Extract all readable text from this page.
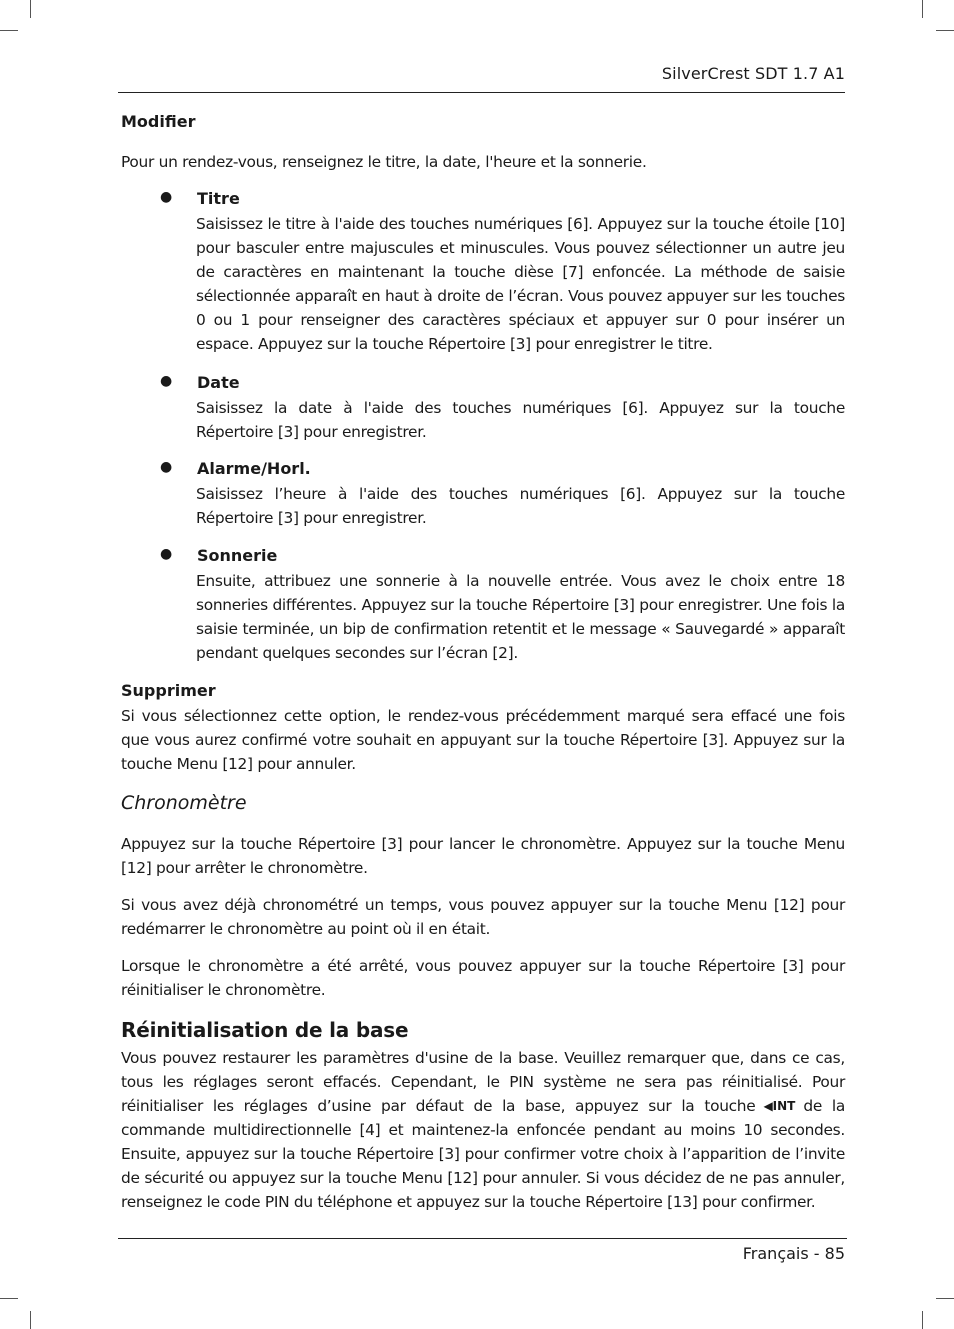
SilverCrest SDT 1.7 A1
Modifier
Pour un rendez-vous, renseignez le titre, la date, l'heure et la sonnerie.
● Titre
Saisissez le titre à l'aide des touches numériques [6]. Appuyez sur la touche étoile [10] pour basculer entre majuscules et minuscules. Vous pouvez sélectionner un autre jeu de caractères en maintenant la touche dièse [7] enfoncée. La méthode de saisie sélectionnée apparaît en haut à droite de l’écran. Vous pouvez appuyer sur les touches 0 ou 1 pour renseigner des caractères spéciaux et appuyer sur 0 pour insérer un espace. Appuyez sur la touche Répertoire [3] pour enregistrer le titre.
● Date
Saisissez la date à l'aide des touches numériques [6]. Appuyez sur la touche Répertoire [3] pour enregistrer.
● Alarme/Horl.
Saisissez l’heure à l'aide des touches numériques [6]. Appuyez sur la touche Répertoire [3] pour enregistrer.
● Sonnerie
Ensuite, attribuez une sonnerie à la nouvelle entrée. Vous avez le choix entre 18 sonneries différentes. Appuyez sur la touche Répertoire [3] pour enregistrer. Une fois la saisie terminée, un bip de confirmation retentit et le message « Sauvegardé » apparaît pendant quelques secondes sur l’écran [2].
Supprimer
Si vous sélectionnez cette option, le rendez-vous précédemment marqué sera effacé une fois que vous aurez confirmé votre souhait en appuyant sur la touche Répertoire [3]. Appuyez sur la touche Menu [12] pour annuler.
Chronomètre
Appuyez sur la touche Répertoire [3] pour lancer le chronomètre. Appuyez sur la touche Menu [12] pour arrêter le chronomètre.
Si vous avez déjà chronométré un temps, vous pouvez appuyer sur la touche Menu [12] pour redémarrer le chronomètre au point où il en était.
Lorsque le chronomètre a été arrêté, vous pouvez appuyer sur la touche Répertoire [3] pour réinitialiser le chronomètre.
Réinitialisation de la base
Vous pouvez restaurer les paramètres d'usine de la base. Veuillez remarquer que, dans ce cas, tous les réglages seront effacés. Cependant, le PIN système ne sera pas réinitialisé. Pour réinitialiser les réglages d’usine par défaut de la base, appuyez sur la touche ◀INT de la commande multidirectionnelle [4] et maintenez-la enfoncée pendant au moins 10 secondes. Ensuite, appuyez sur la touche Répertoire [3] pour confirmer votre choix à l’apparition de l’invite de sécurité ou appuyez sur la touche Menu [12] pour annuler. Si vous décidez de ne pas annuler, renseignez le code PIN du téléphone et appuyez sur la touche Répertoire [13] pour confirmer.
Français - 85
